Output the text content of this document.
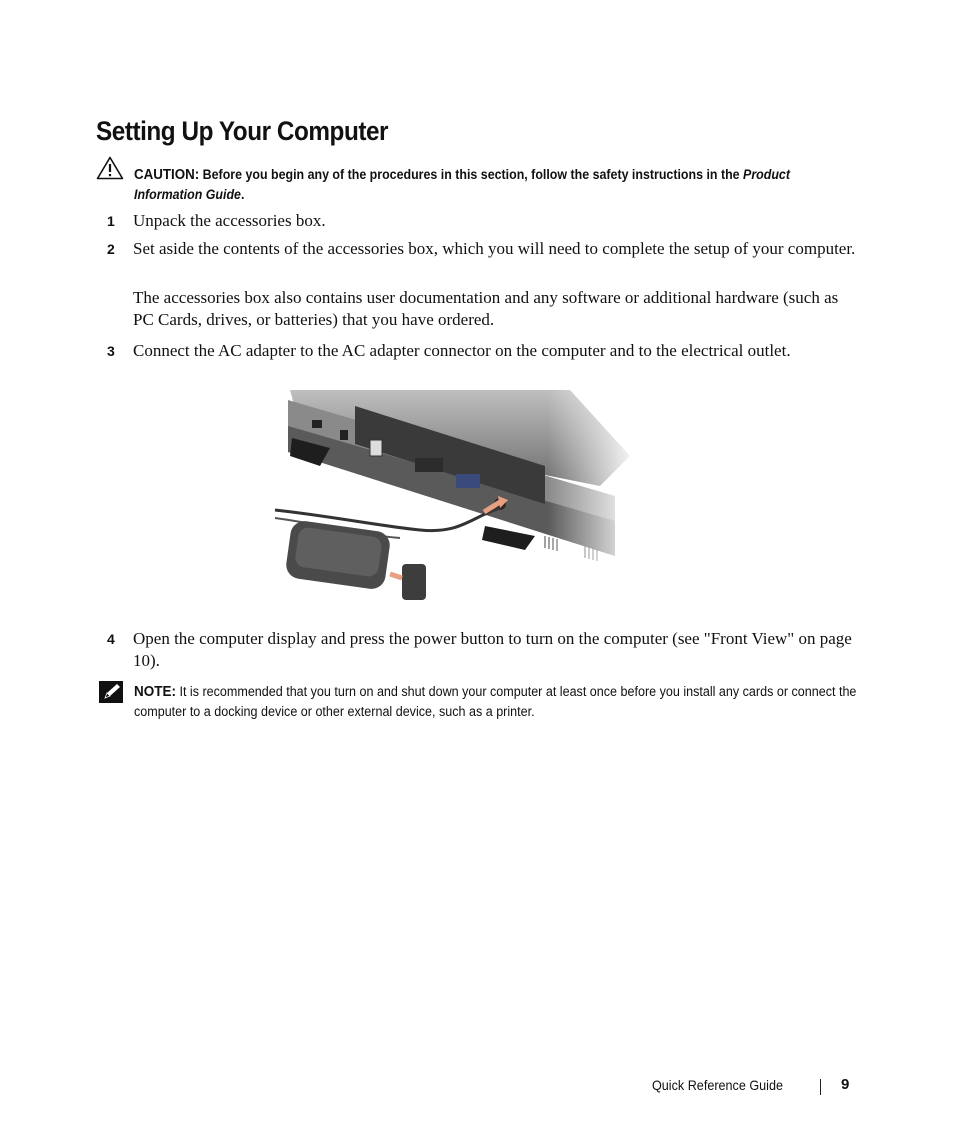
Setting Up Your Computer
CAUTION: Before you begin any of the procedures in this section, follow the safety instructions in the Product Information Guide.
1 Unpack the accessories box.
2 Set aside the contents of the accessories box, which you will need to complete the setup of your computer.
The accessories box also contains user documentation and any software or additional hardware (such as PC Cards, drives, or batteries) that you have ordered.
3 Connect the AC adapter to the AC adapter connector on the computer and to the electrical outlet.
4 Open the computer display and press the power button to turn on the computer (see "Front View" on page 10).
NOTE: It is recommended that you turn on and shut down your computer at least once before you install any cards or connect the computer to a docking device or other external device, such as a printer.
Quick Reference Guide	9
